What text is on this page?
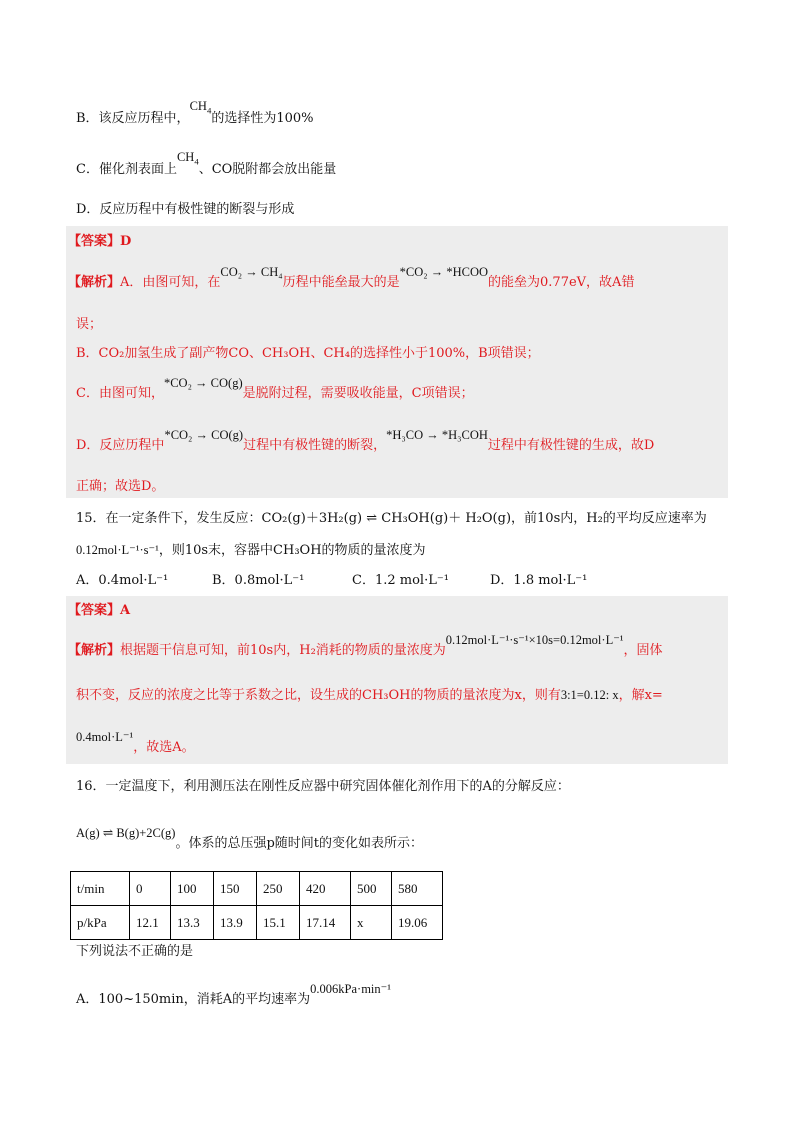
B．该反应历程中，$CH_4$的选择性为100%
C．催化剂表面上$CH_4$、CO脱附都会放出能量
D．反应历程中有极性键的断裂与形成
【答案】D
【解析】A．由图可知，在CO₂ → CH₄历程中能垒最大的是*CO₂ → *HCOO的能垒为0.77eV，故A错
误；
B．CO₂加氢生成了副产物CO、CH₃OH、CH₄的选择性小于100%，B项错误；
C．由图可知，*CO₂ → CO(g)是脱附过程，需要吸收能量，C项错误；
D．反应历程中*CO₂ → CO(g)过程中有极性键的断裂，*H₃CO → *H₃COH过程中有极性键的生成，故D
正确；故选D。
15．在一定条件下，发生反应：CO₂(g)＋3H₂(g) ⇌ CH₃OH(g)＋ H₂O(g)，前10s内，H₂的平均反应速率为
0.12mol·L⁻¹·s⁻¹，则10s末，容器中CH₃OH的物质的量浓度为
A．0.4mol·L⁻¹	B．0.8mol·L⁻¹	C．1.2 mol·L⁻¹	D．1.8 mol·L⁻¹
【答案】A
【解析】根据题干信息可知，前10s内，H₂消耗的物质的量浓度为0.12mol·L⁻¹·s⁻¹×10s=0.12mol·L⁻¹，固体
积不变，反应的浓度之比等于系数之比，设生成的CH₃OH的物质的量浓度为x，则有3:1=0.12: x，解x=
0.4mol·L⁻¹，故选A。
16．一定温度下，利用测压法在刚性反应器中研究固体催化剂作用下的A的分解反应：
A(g) ⇌ B(g)+2C(g)。体系的总压强p随时间t的变化如表所示：
t/min	0	100	150	250	420	500	580
p/kPa	12.1	13.3	13.9	15.1	17.14	x	19.06
下列说法不正确的是
A．100~150min，消耗A的平均速率为0.006kPa·min⁻¹
